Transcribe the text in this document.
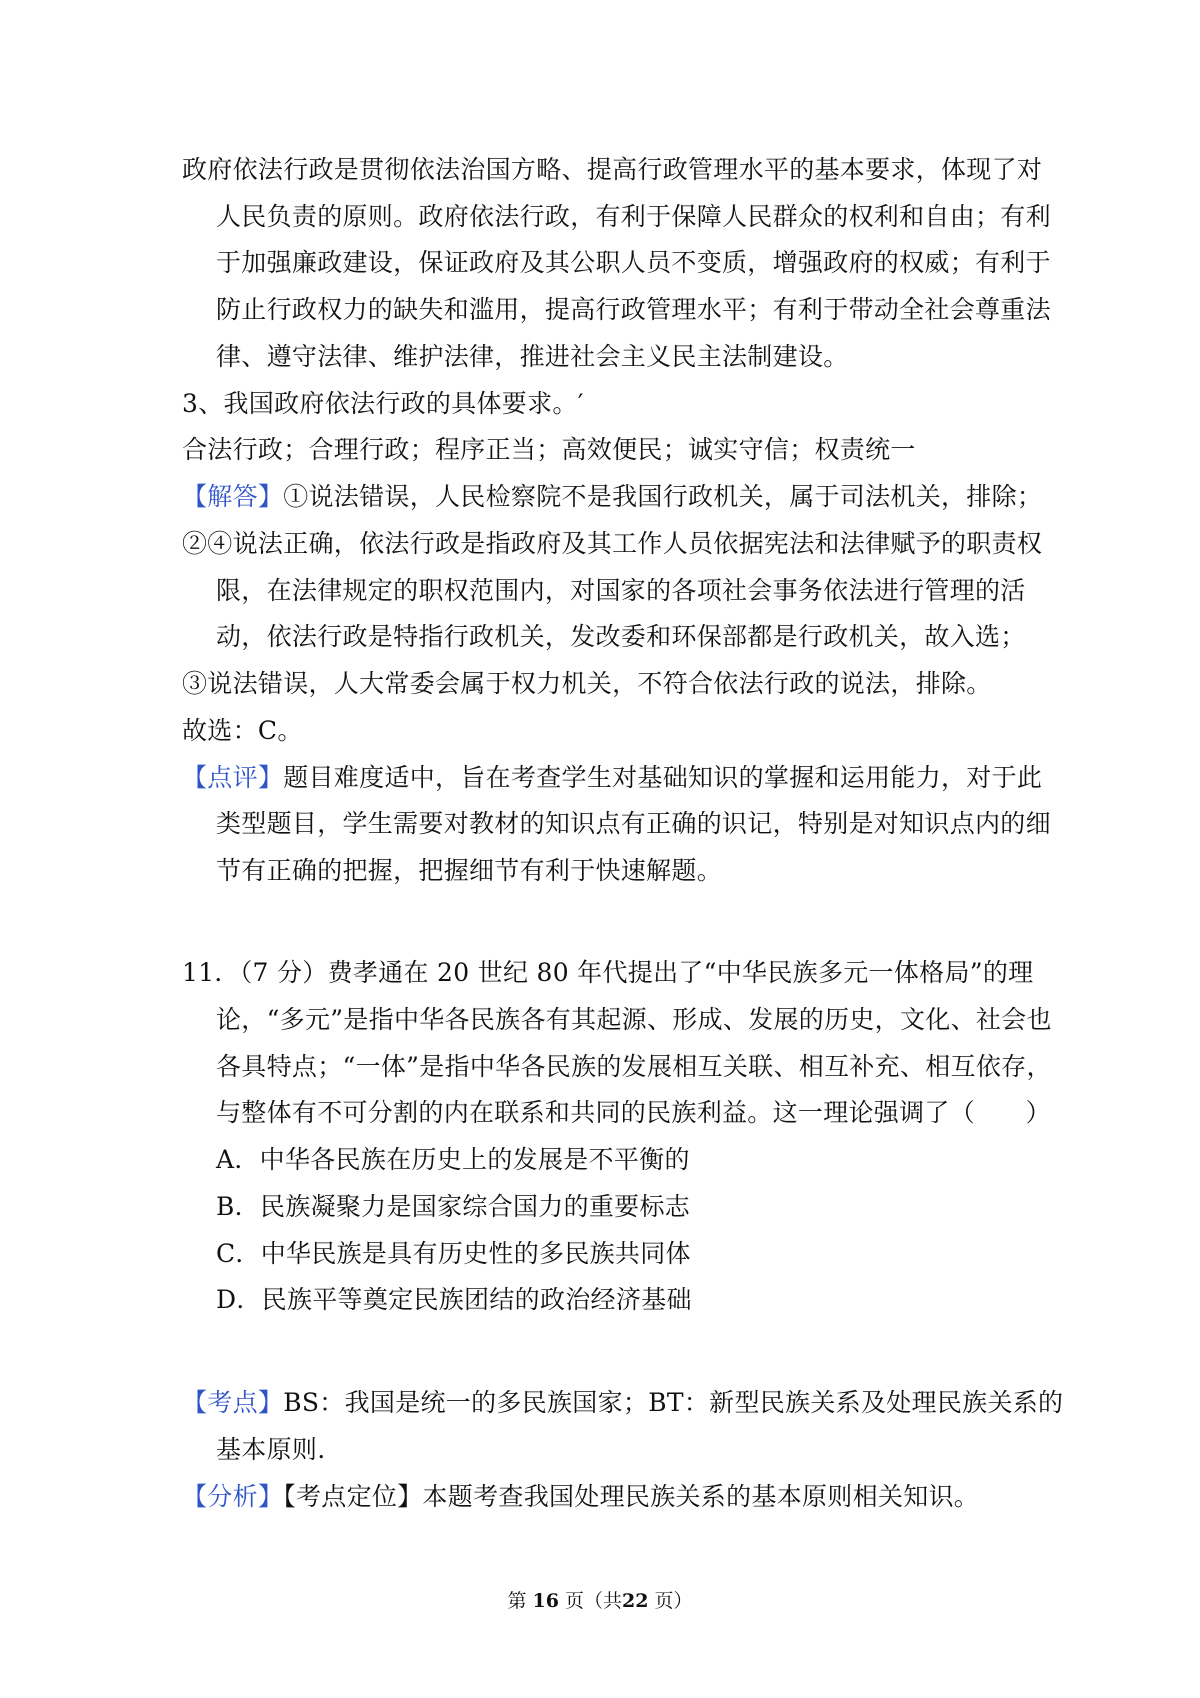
政府依法行政是贯彻依法治国方略、提高行政管理水平的基本要求，体现了对
人民负责的原则。政府依法行政，有利于保障人民群众的权利和自由；有利
于加强廉政建设，保证政府及其公职人员不变质，增强政府的权威；有利于
防止行政权力的缺失和滥用，提高行政管理水平；有利于带动全社会尊重法
律、遵守法律、维护法律，推进社会主义民主法制建设。
3、我国政府依法行政的具体要求。′
合法行政；合理行政；程序正当；高效便民；诚实守信；权责统一
【解答】①说法错误，人民检察院不是我国行政机关，属于司法机关，排除；
②④说法正确，依法行政是指政府及其工作人员依据宪法和法律赋予的职责权
限，在法律规定的职权范围内，对国家的各项社会事务依法进行管理的活
动，依法行政是特指行政机关，发改委和环保部都是行政机关，故入选；
③说法错误，人大常委会属于权力机关，不符合依法行政的说法，排除。
故选：C。
【点评】题目难度适中，旨在考查学生对基础知识的掌握和运用能力，对于此
类型题目，学生需要对教材的知识点有正确的识记，特别是对知识点内的细
节有正确的把握，把握细节有利于快速解题。
11．（7 分）费孝通在 20 世纪 80 年代提出了“中华民族多元一体格局”的理
论，“多元”是指中华各民族各有其起源、形成、发展的历史，文化、社会也
各具特点；“一体”是指中华各民族的发展相互关联、相互补充、相互依存，
与整体有不可分割的内在联系和共同的民族利益。这一理论强调了（　　）
A．中华各民族在历史上的发展是不平衡的
B．民族凝聚力是国家综合国力的重要标志
C．中华民族是具有历史性的多民族共同体
D．民族平等奠定民族团结的政治经济基础
【考点】BS：我国是统一的多民族国家；BT：新型民族关系及处理民族关系的
基本原则.
【分析】【考点定位】本题考查我国处理民族关系的基本原则相关知识。
第 16 页（共22 页）
